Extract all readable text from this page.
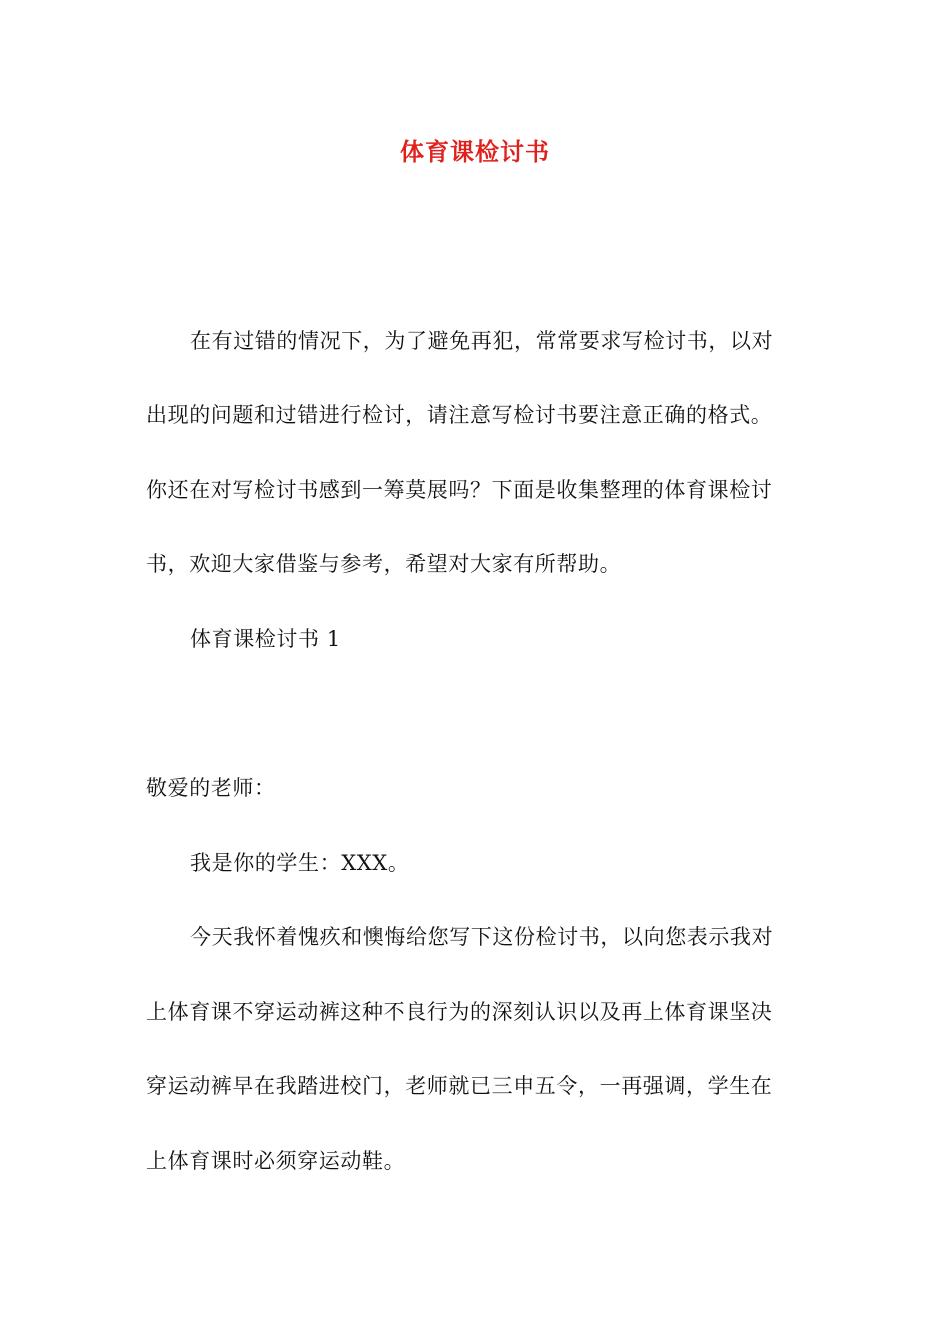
体育课检讨书
在有过错的情况下，为了避免再犯，常常要求写检讨书，以对
出现的问题和过错进行检讨，请注意写检讨书要注意正确的格式。
你还在对写检讨书感到一筹莫展吗？下面是收集整理的体育课检讨
书，欢迎大家借鉴与参考，希望对大家有所帮助。
体育课检讨书 1
敬爱的老师：
我是你的学生：XXX。
今天我怀着愧疚和懊悔给您写下这份检讨书，以向您表示我对
上体育课不穿运动裤这种不良行为的深刻认识以及再上体育课坚决
穿运动裤早在我踏进校门，老师就已三申五令，一再强调，学生在
上体育课时必须穿运动鞋。
